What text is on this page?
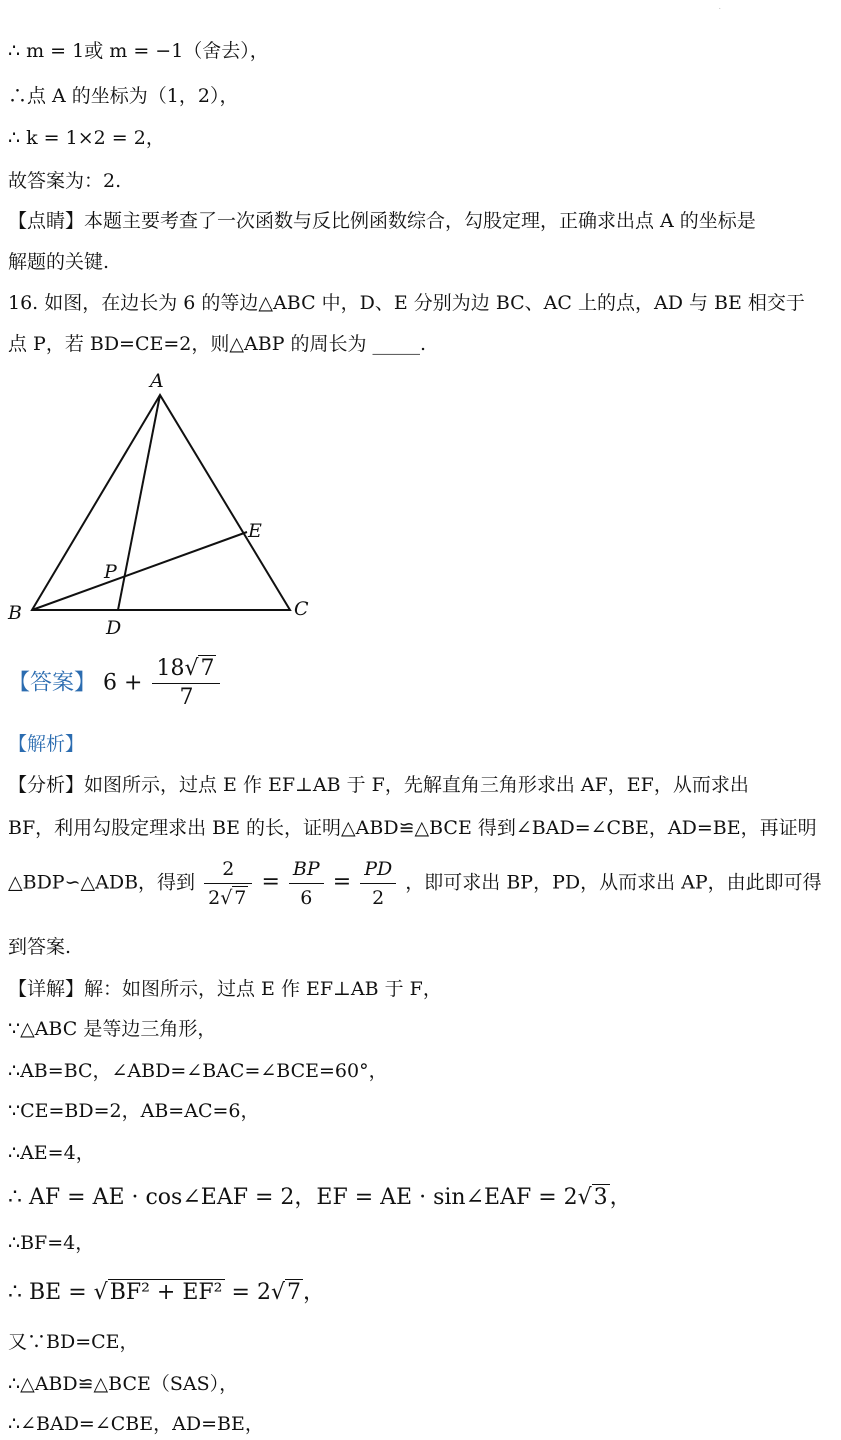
.
∴ m = 1或 m = −1（舍去），
∴点 A 的坐标为（1，2），
∴ k = 1×2 = 2，
故答案为：2.
【点睛】本题主要考查了一次函数与反比例函数综合，勾股定理，正确求出点 A 的坐标是
解题的关键.
16. 如图，在边长为 6 的等边△ABC 中，D、E 分别为边 BC、AC 上的点，AD 与 BE 相交于
点 P，若 BD=CE=2，则△ABP 的周长为 _____.
A
B	C
D
E
P
【答案】 $6 + \frac{18√7}{7}$
【解析】
【分析】如图所示，过点 E 作 EF⊥AB 于 F，先解直角三角形求出 AF，EF，从而求出
BF，利用勾股定理求出 BE 的长，证明△ABD≌△BCE 得到∠BAD=∠CBE，AD=BE，再证明
△BDP∽△ADB，得到 $\frac{2}{2√ 7} = \frac{BP}{6} = \frac{PD}{2}$ ，即可求出 BP，PD，从而求出 AP，由此即可得
到答案.
【详解】解：如图所示，过点 E 作 EF⊥AB 于 F，
∵△ABC 是等边三角形，
∴AB=BC，∠ABD=∠BAC=∠BCE=60°，
∵CE=BD=2，AB=AC=6，
∴AE=4，
∴ AF = AE · cos∠EAF = 2，EF = AE · sin∠EAF = 2√3，
∴BF=4，
∴ BE = √BF² + EF² = 2√7，
又∵BD=CE，
∴△ABD≌△BCE（SAS），
∴∠BAD=∠CBE，AD=BE，
